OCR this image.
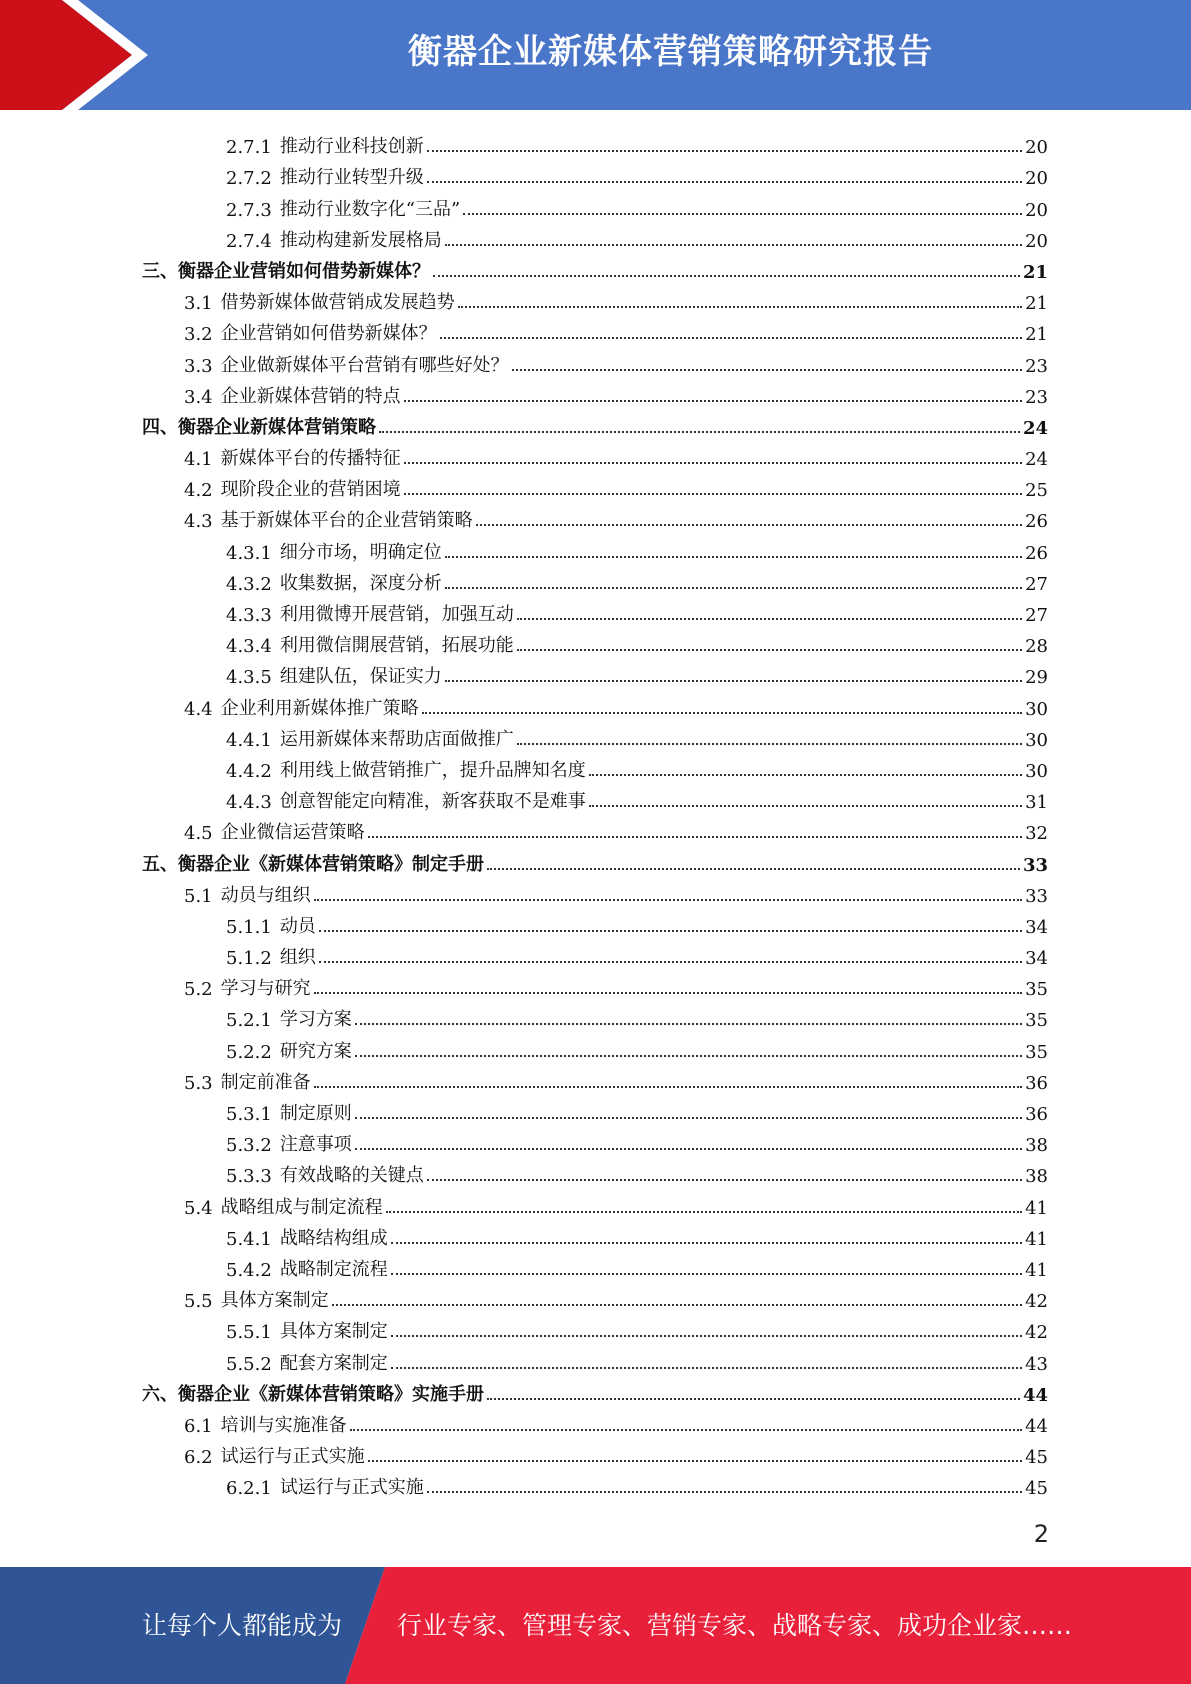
衡器企业新媒体营销策略研究报告
2.7.1 推动行业科技创新	20
2.7.2 推动行业转型升级	20
2.7.3 推动行业数字化“三品”	20
2.7.4 推动构建新发展格局	20
三、衡器企业营销如何借势新媒体？	21
3.1 借势新媒体做营销成发展趋势	21
3.2 企业营销如何借势新媒体？	21
3.3 企业做新媒体平台营销有哪些好处？	23
3.4 企业新媒体营销的特点	23
四、衡器企业新媒体营销策略	24
4.1 新媒体平台的传播特征	24
4.2 现阶段企业的营销困境	25
4.3 基于新媒体平台的企业营销策略	26
4.3.1 细分市场，明确定位	26
4.3.2 收集数据，深度分析	27
4.3.3 利用微博开展营销，加强互动	27
4.3.4 利用微信開展营销，拓展功能	28
4.3.5 组建队伍，保证实力	29
4.4 企业利用新媒体推广策略	30
4.4.1 运用新媒体来帮助店面做推广	30
4.4.2 利用线上做营销推广，提升品牌知名度	30
4.4.3 创意智能定向精准，新客获取不是难事	31
4.5 企业微信运营策略	32
五、衡器企业《新媒体营销策略》制定手册	33
5.1 动员与组织	33
5.1.1 动员	34
5.1.2 组织	34
5.2 学习与研究	35
5.2.1 学习方案	35
5.2.2 研究方案	35
5.3 制定前准备	36
5.3.1 制定原则	36
5.3.2 注意事项	38
5.3.3 有效战略的关键点	38
5.4 战略组成与制定流程	41
5.4.1 战略结构组成	41
5.4.2 战略制定流程	41
5.5 具体方案制定	42
5.5.1 具体方案制定	42
5.5.2 配套方案制定	43
六、衡器企业《新媒体营销策略》实施手册	44
6.1 培训与实施准备	44
6.2 试运行与正式实施	45
6.2.1 试运行与正式实施	45
2
让每个人都能成为 行业专家、管理专家、营销专家、战略专家、成功企业家……
